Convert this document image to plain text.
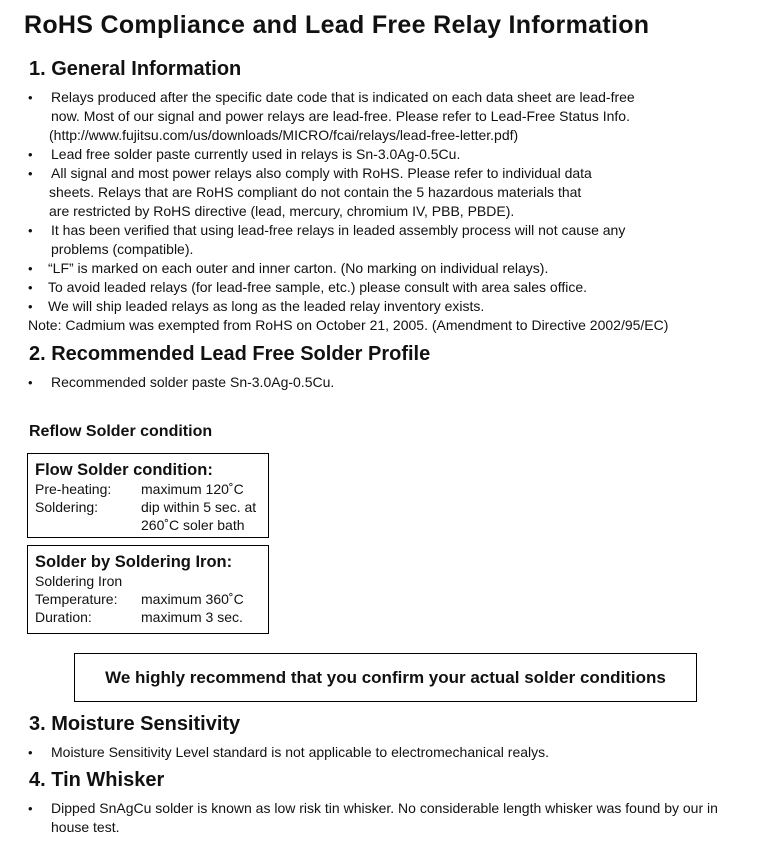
RoHS Compliance and Lead Free Relay Information
1. General Information
• Relays produced after the specific date code that is indicated on each data sheet are lead-free
now. Most of our signal and power relays are lead-free. Please refer to Lead-Free Status Info.
(http://www.fujitsu.com/us/downloads/MICRO/fcai/relays/lead-free-letter.pdf)
• Lead free solder paste currently used in relays is Sn-3.0Ag-0.5Cu.
• All signal and most power relays also comply with RoHS. Please refer to individual data
sheets. Relays that are RoHS compliant do not contain the 5 hazardous materials that
are restricted by RoHS directive (lead, mercury, chromium IV, PBB, PBDE).
• It has been verified that using lead-free relays in leaded assembly process will not cause any
problems (compatible).
• “LF” is marked on each outer and inner carton. (No marking on individual relays).
• To avoid leaded relays (for lead-free sample, etc.) please consult with area sales office.
• We will ship leaded relays as long as the leaded relay inventory exists.
Note: Cadmium was exempted from RoHS on October 21, 2005. (Amendment to Directive 2002/95/EC)
2. Recommended Lead Free Solder Profile
• Recommended solder paste Sn-3.0Ag-0.5Cu.
Reflow Solder condition
Flow Solder condition:
Pre-heating: maximum 120˚C
Soldering:	dip within 5 sec. at
260˚C soler bath
Solder by Soldering Iron:
Soldering Iron
Temperature: maximum 360˚C
Duration:	maximum 3 sec.
We highly recommend that you confirm your actual solder conditions
3. Moisture Sensitivity
• Moisture Sensitivity Level standard is not applicable to electromechanical realys.
4. Tin Whisker
• Dipped SnAgCu solder is known as low risk tin whisker. No considerable length whisker was found by our in
house test.
